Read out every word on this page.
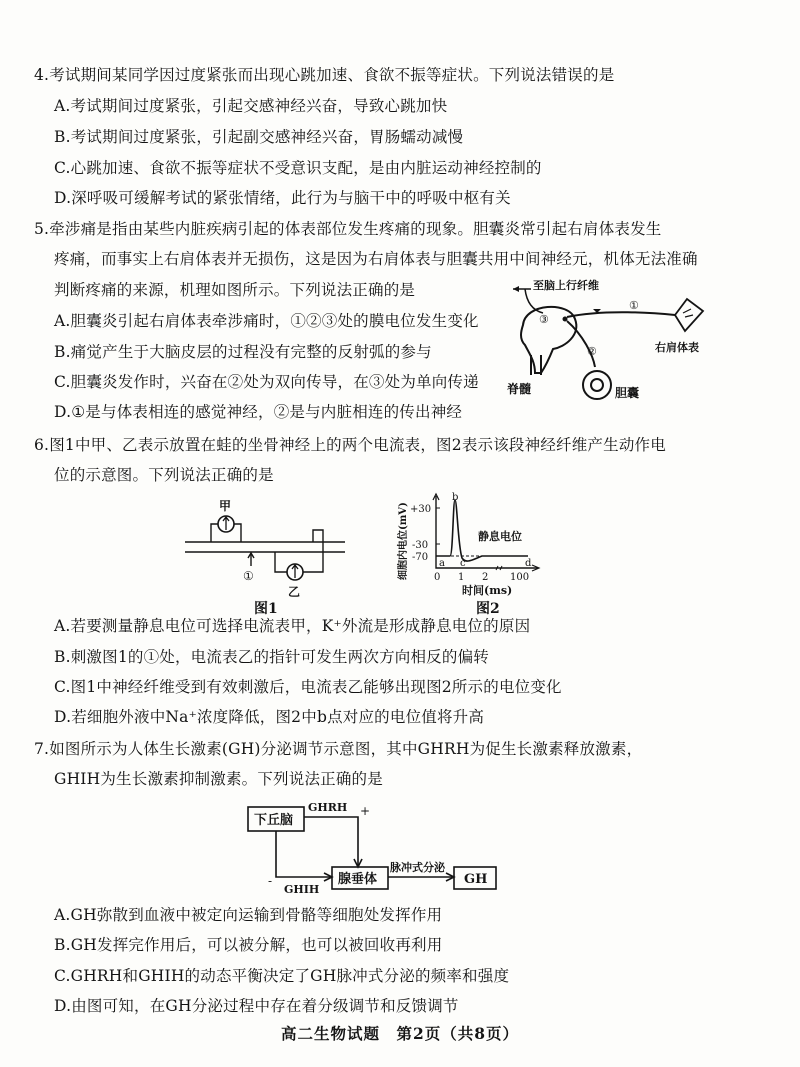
4.考试期间某同学因过度紧张而出现心跳加速、食欲不振等症状。下列说法错误的是
A.考试期间过度紧张，引起交感神经兴奋，导致心跳加快
B.考试期间过度紧张，引起副交感神经兴奋，胃肠蠕动减慢
C.心跳加速、食欲不振等症状不受意识支配，是由内脏运动神经控制的
D.深呼吸可缓解考试的紧张情绪，此行为与脑干中的呼吸中枢有关
5.牵涉痛是指由某些内脏疾病引起的体表部位发生疼痛的现象。胆囊炎常引起右肩体表发生
疼痛，而事实上右肩体表并无损伤，这是因为右肩体表与胆囊共用中间神经元，机体无法准确
判断疼痛的来源，机理如图所示。下列说法正确的是
A.胆囊炎引起右肩体表牵涉痛时，①②③处的膜电位发生变化
B.痛觉产生于大脑皮层的过程没有完整的反射弧的参与
C.胆囊炎发作时，兴奋在②处为双向传导，在③处为单向传递
D.①是与体表相连的感觉神经，②是与内脏相连的传出神经
至脑上行纤维
脊髓
③
①
右肩体表
②
胆囊
6.图1中甲、乙表示放置在蛙的坐骨神经上的两个电流表，图2表示该段神经纤维产生动作电
位的示意图。下列说法正确的是
甲
①
乙
图1
细胞内电位(mV) +30
-30
-70
a
b
c	d
静息电位
0 1 2 100
时间(ms)
图2
A.若要测量静息电位可选择电流表甲，K⁺外流是形成静息电位的原因
B.刺激图1的①处，电流表乙的指针可发生两次方向相反的偏转
C.图1中神经纤维受到有效刺激后，电流表乙能够出现图2所示的电位变化
D.若细胞外液中Na⁺浓度降低，图2中b点对应的电位值将升高
7.如图所示为人体生长激素(GH)分泌调节示意图，其中GHRH为促生长激素释放激素，
GHIH为生长激素抑制激素。下列说法正确的是
下丘脑
GHRH +
-
GHIH
腺垂体
脉冲式分泌
GH
A.GH弥散到血液中被定向运输到骨骼等细胞处发挥作用
B.GH发挥完作用后，可以被分解，也可以被回收再利用
C.GHRH和GHIH的动态平衡决定了GH脉冲式分泌的频率和强度
D.由图可知，在GH分泌过程中存在着分级调节和反馈调节
高二生物试题　第2页（共8页）
